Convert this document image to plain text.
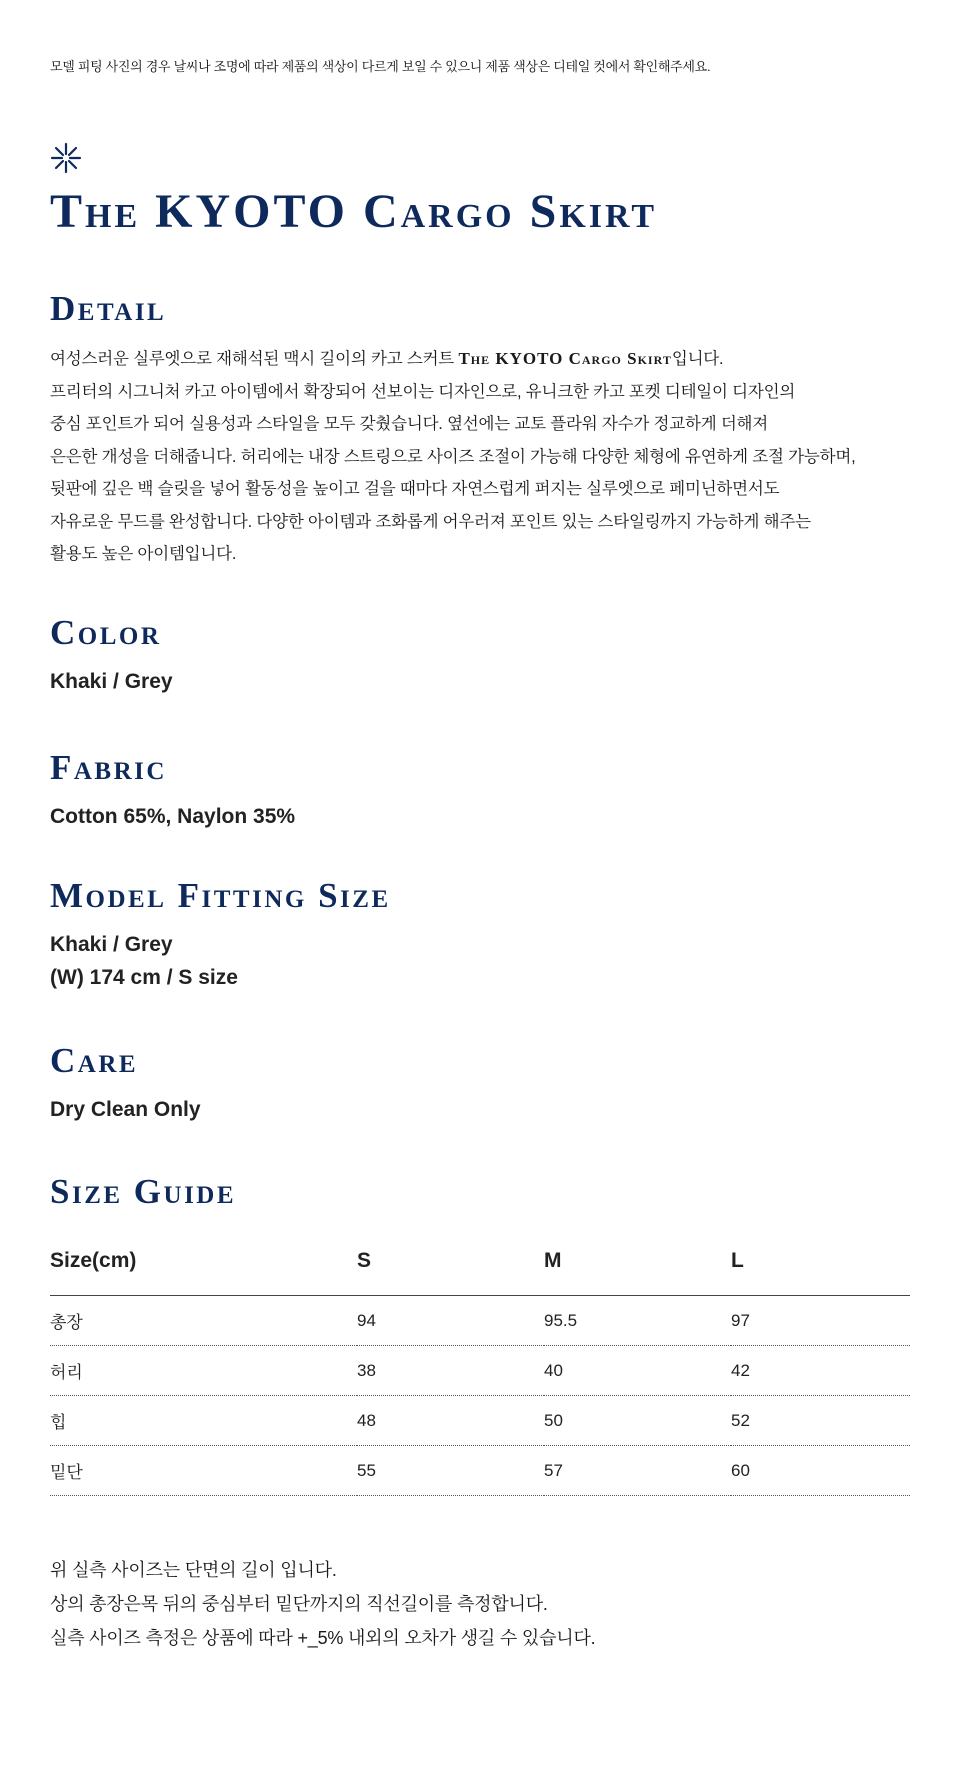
모델 피팅 사진의 경우 날씨나 조명에 따라 제품의 색상이 다르게 보일 수 있으니 제품 색상은 디테일 컷에서 확인해주세요.
The KYOTO Cargo Skirt
Detail
여성스러운 실루엣으로 재해석된 맥시 길이의 카고 스커트 The KYOTO Cargo Skirt입니다.
프리터의 시그니처 카고 아이템에서 확장되어 선보이는 디자인으로, 유니크한 카고 포켓 디테일이 디자인의
중심 포인트가 되어 실용성과 스타일을 모두 갖췄습니다. 옆선에는 교토 플라워 자수가 정교하게 더해져
은은한 개성을 더해줍니다. 허리에는 내장 스트링으로 사이즈 조절이 가능해 다양한 체형에 유연하게 조절 가능하며,
뒷판에 깊은 백 슬릿을 넣어 활동성을 높이고 걸을 때마다 자연스럽게 퍼지는 실루엣으로 페미닌하면서도
자유로운 무드를 완성합니다. 다양한 아이템과 조화롭게 어우러져 포인트 있는 스타일링까지 가능하게 해주는
활용도 높은 아이템입니다.
Color
Khaki / Grey
Fabric
Cotton 65%, Naylon 35%
Model Fitting Size
Khaki / Grey
(W) 174 cm / S size
Care
Dry Clean Only
Size Guide
Size(cm)	S	M	L
총장	94	95.5	97
허리	38	40	42
힙	48	50	52
밑단	55	57	60
위 실측 사이즈는 단면의 길이 입니다.
상의 총장은목 뒤의 중심부터 밑단까지의 직선길이를 측정합니다.
실측 사이즈 측정은 상품에 따라 +_5% 내외의 오차가 생길 수 있습니다.
